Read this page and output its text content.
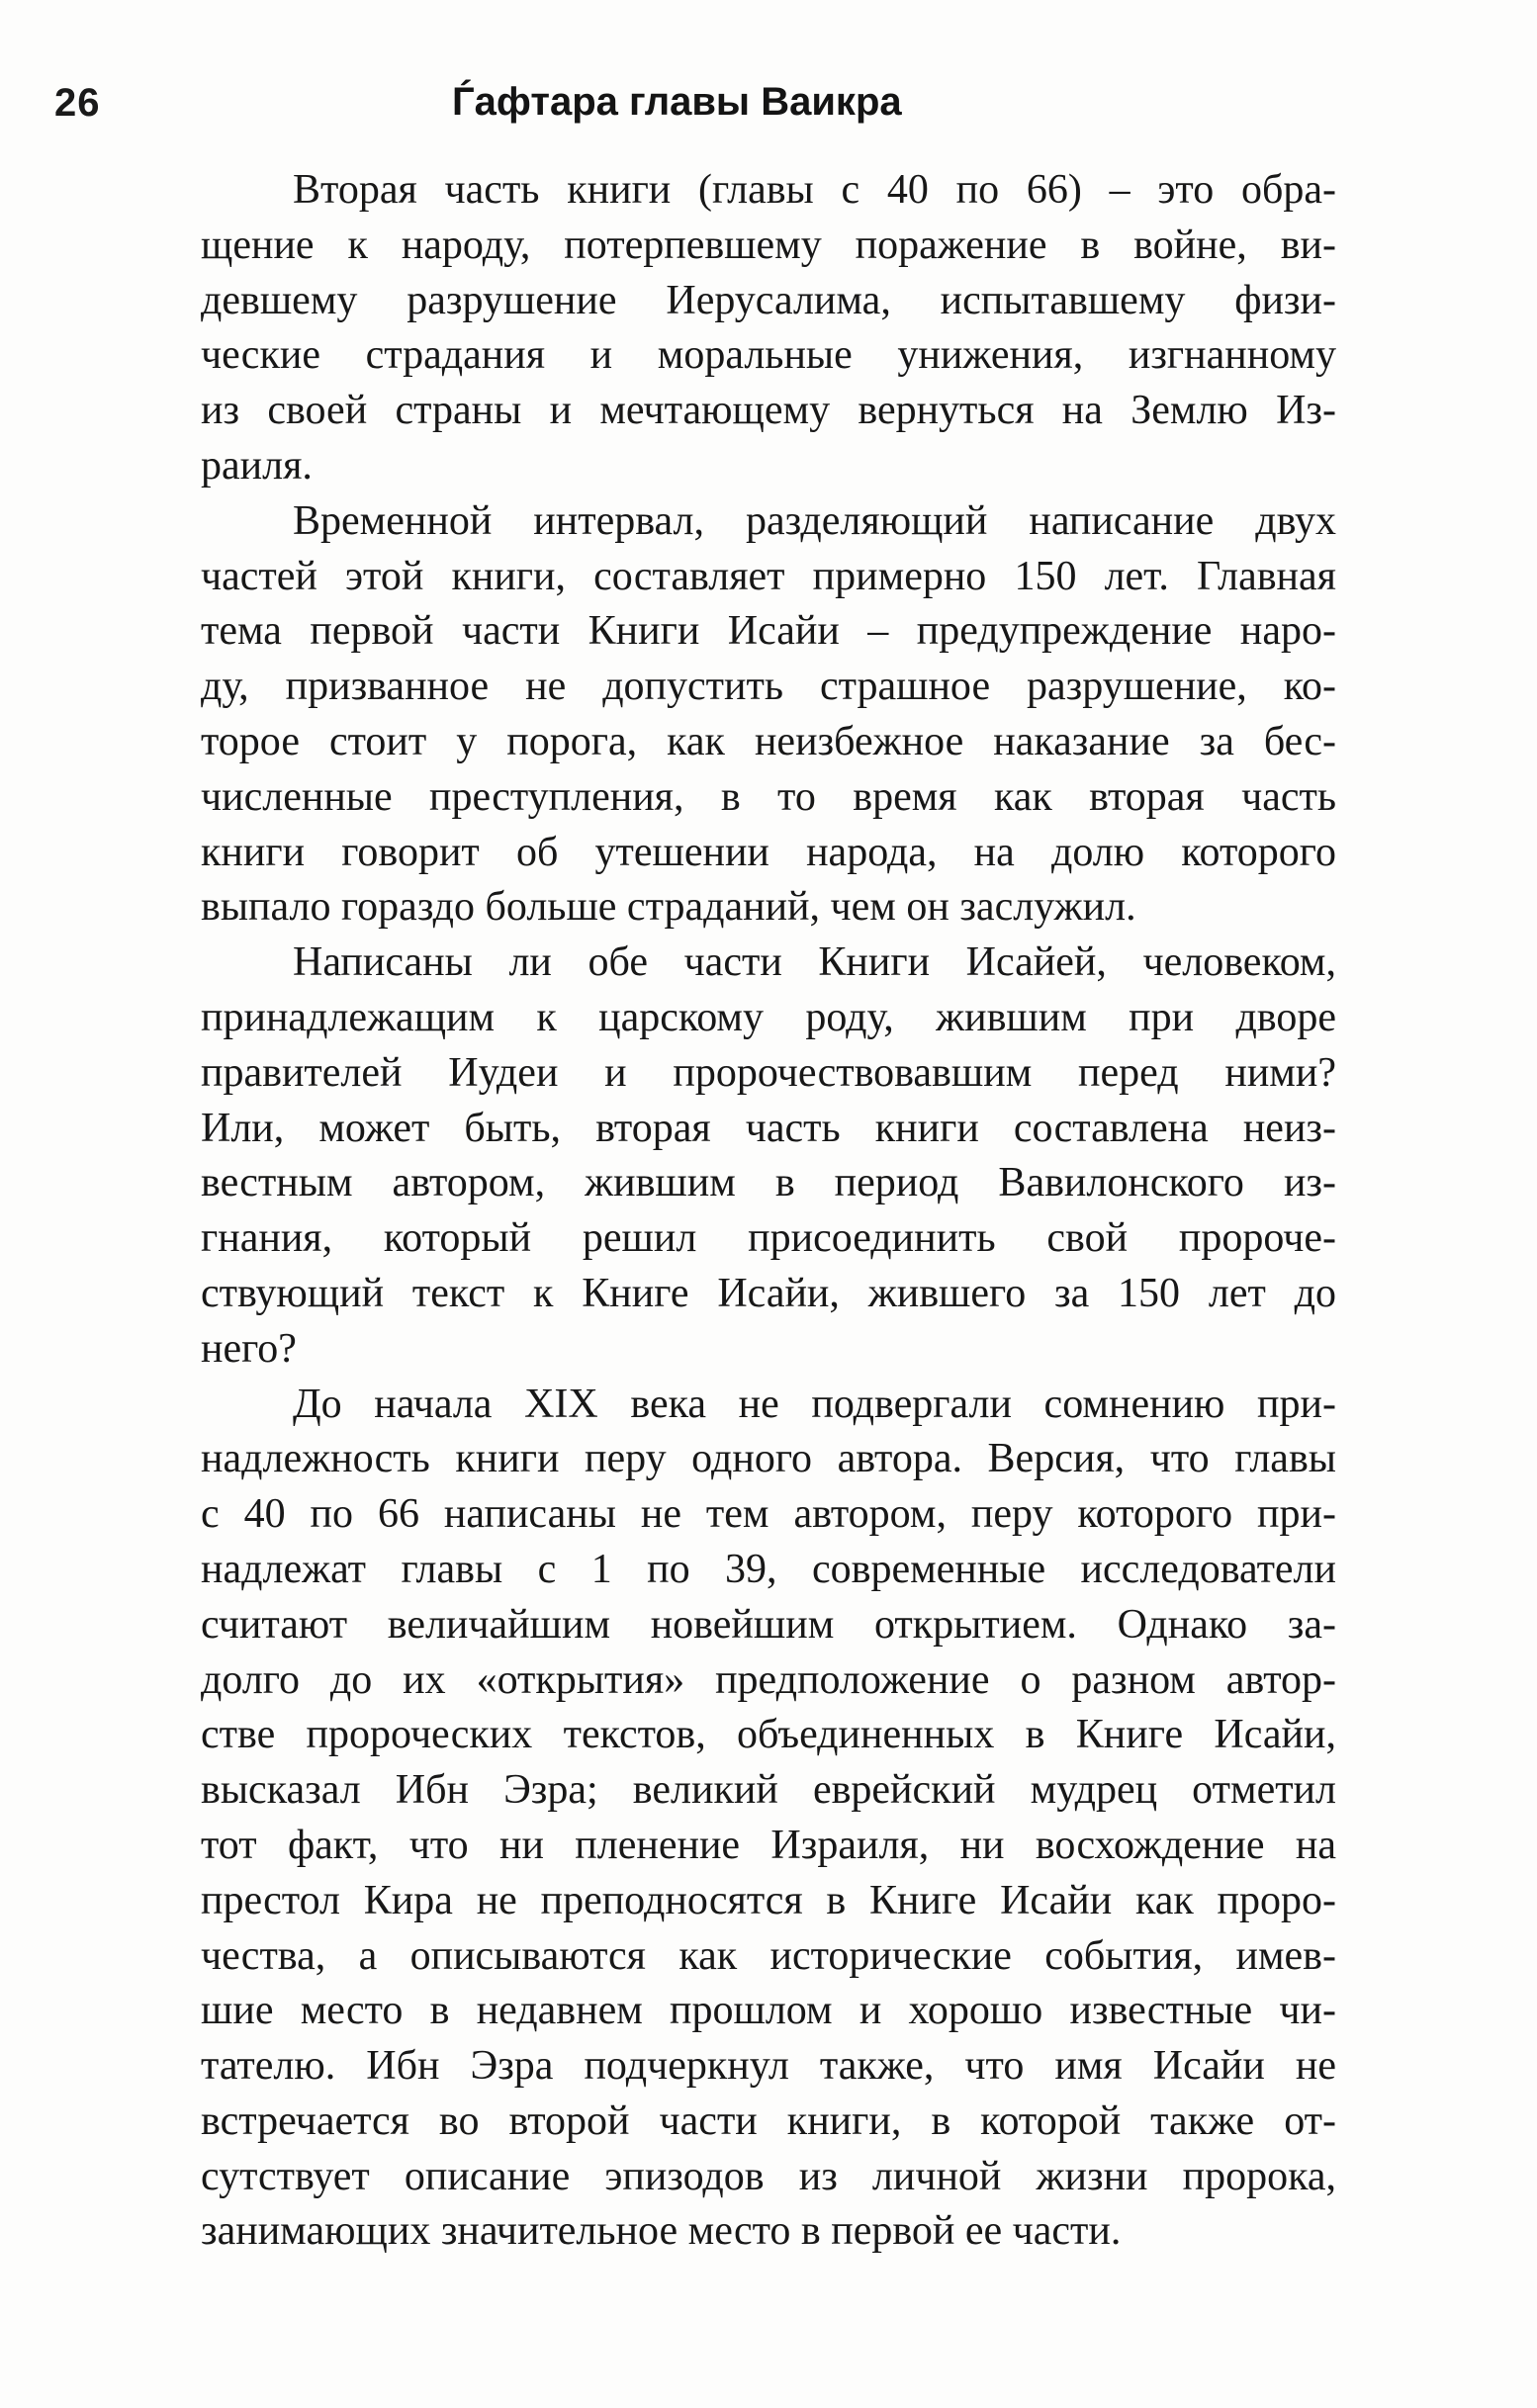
26	Ѓафтара главы Ваикра
Вторая часть книги (главы с 40 по 66) – это обра-
щение к народу, потерпевшему поражение в войне, ви-
девшему разрушение Иерусалима, испытавшему физи-
ческие страдания и моральные унижения, изгнанному
из своей страны и мечтающему вернуться на Землю Из-
раиля.
Временной интервал, разделяющий написание двух
частей этой книги, составляет примерно 150 лет. Главная
тема первой части Книги Исайи – предупреждение наро-
ду, призванное не допустить страшное разрушение, ко-
торое стоит у порога, как неизбежное наказание за бес-
численные преступления, в то время как вторая часть
книги говорит об утешении народа, на долю которого
выпало гораздо больше страданий, чем он заслужил.
Написаны ли обе части Книги Исайей, человеком,
принадлежащим к царскому роду, жившим при дворе
правителей Иудеи и пророчествовавшим перед ними?
Или, может быть, вторая часть книги составлена неиз-
вестным автором, жившим в период Вавилонского из-
гнания, который решил присоединить свой пророче-
ствующий текст к Книге Исайи, жившего за 150 лет до
него?
До начала XIX века не подвергали сомнению при-
надлежность книги перу одного автора. Версия, что главы
с 40 по 66 написаны не тем автором, перу которого при-
надлежат главы с 1 по 39, современные исследователи
считают величайшим новейшим открытием. Однако за-
долго до их «открытия» предположение о разном автор-
стве пророческих текстов, объединенных в Книге Исайи,
высказал Ибн Эзра; великий еврейский мудрец отметил
тот факт, что ни пленение Израиля, ни восхождение на
престол Кира не преподносятся в Книге Исайи как проро-
чества, а описываются как исторические события, имев-
шие место в недавнем прошлом и хорошо известные чи-
тателю. Ибн Эзра подчеркнул также, что имя Исайи не
встречается во второй части книги, в которой также от-
сутствует описание эпизодов из личной жизни пророка,
занимающих значительное место в первой ее части.
